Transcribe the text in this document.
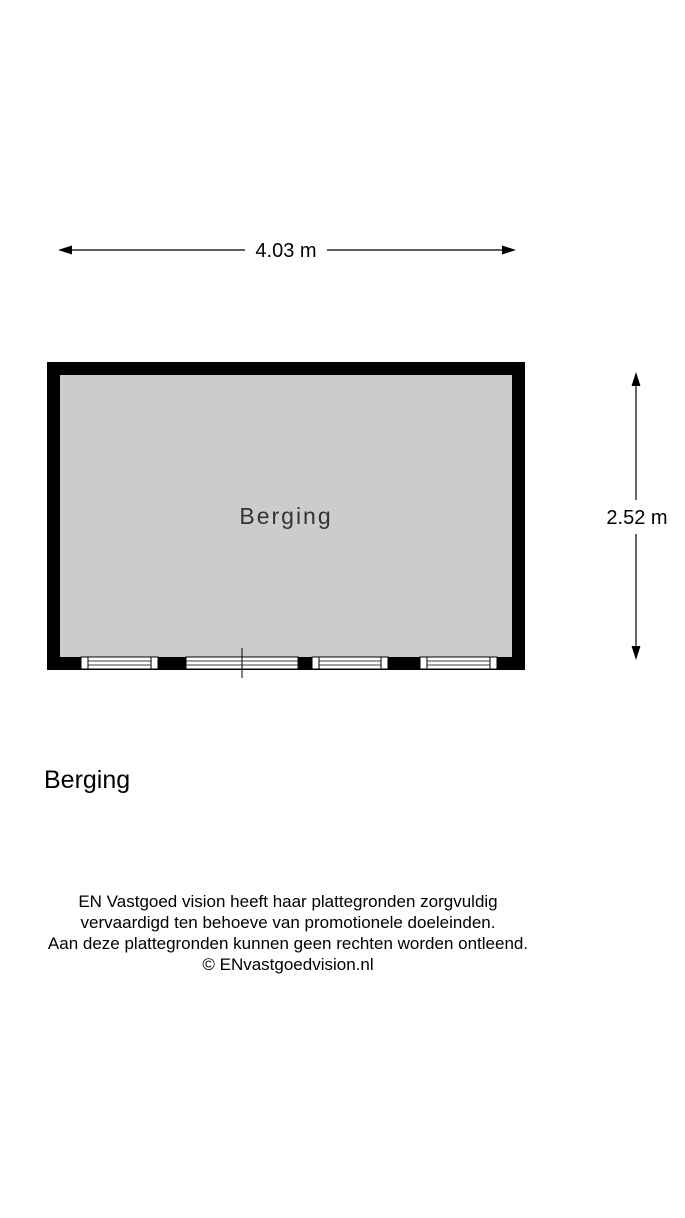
4.03 m
2.52 m
Berging
Berging
EN Vastgoed vision heeft haar plattegronden zorgvuldig
vervaardigd ten behoeve van promotionele doeleinden.
Aan deze plattegronden kunnen geen rechten worden ontleend.
© ENvastgoedvision.nl
